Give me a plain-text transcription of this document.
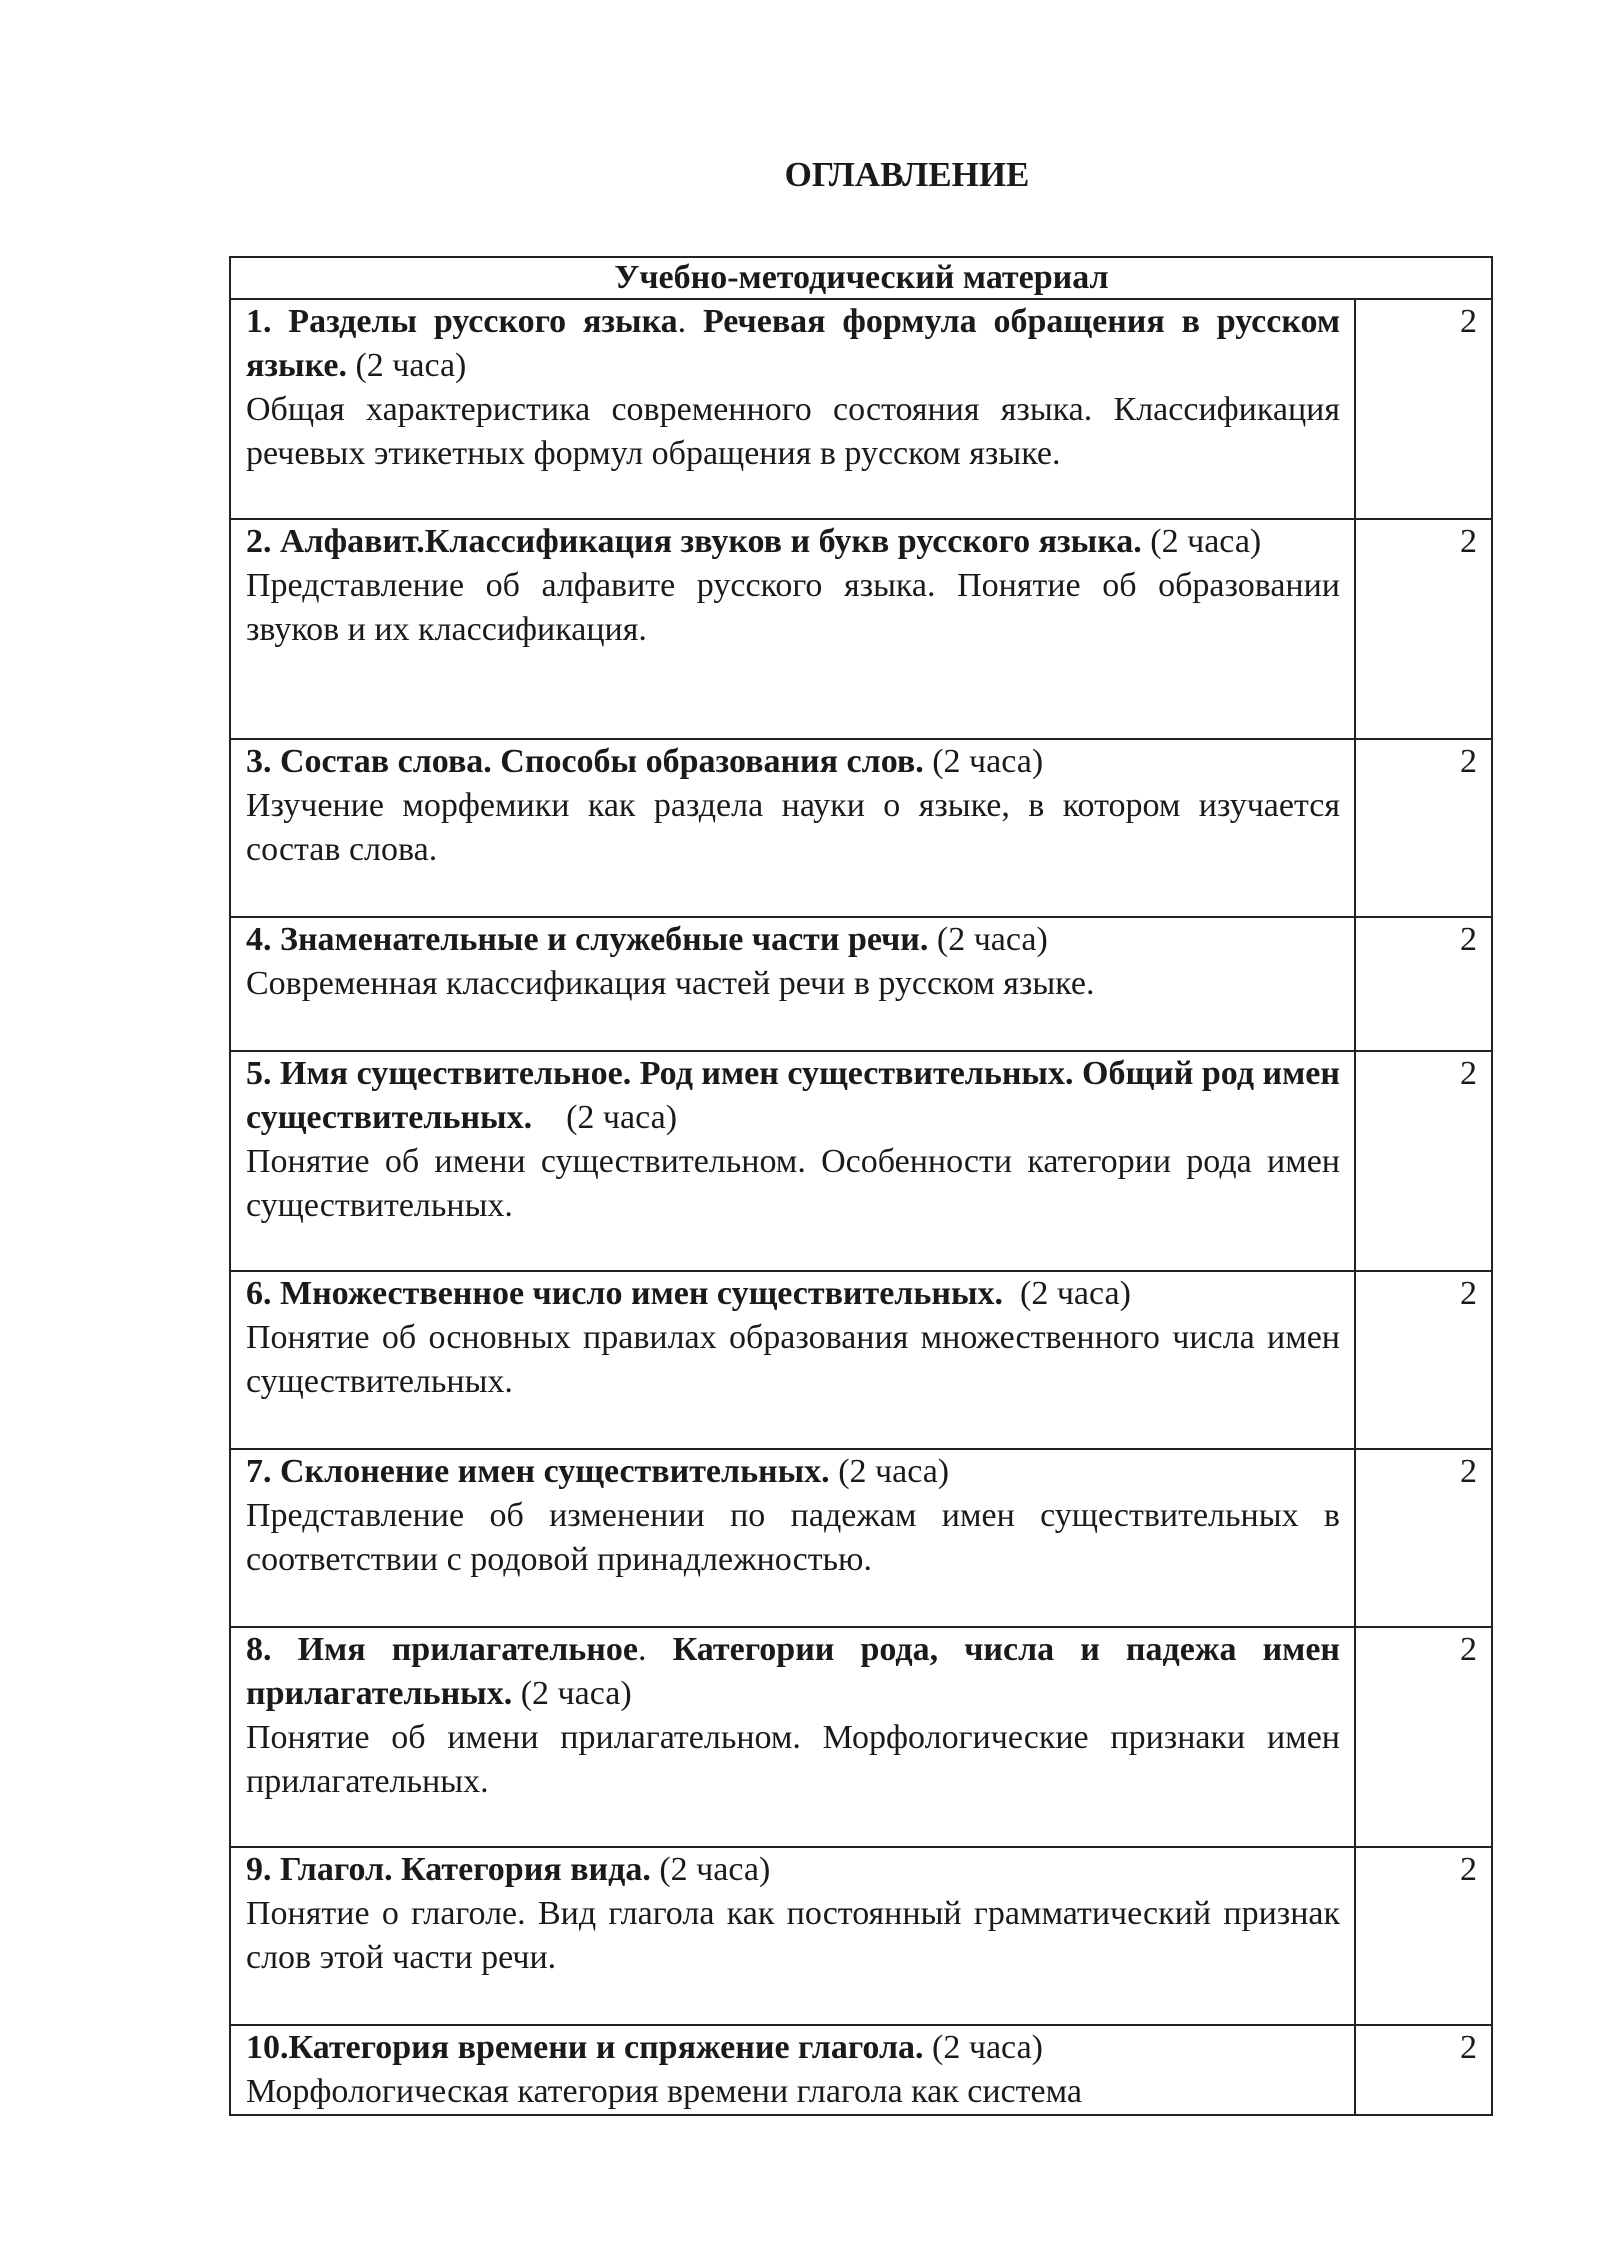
ОГЛАВЛЕНИЕ
Учебно-методический материал	

1. Разделы русского языка. Речевая формула обращения в русском языке. (2 часа)
Общая характеристика современного состояния языка. Классификация речевых этикетных формул обращения в русском языке.	2

2. Алфавит.Классификация звуков и букв русского языка. (2 часа)
Представление об алфавите русского языка. Понятие об образовании звуков и их классификация.	2

3. Состав слова. Способы образования слов. (2 часа)
Изучение морфемики как раздела науки о языке, в котором изучается состав слова.	2

4. Знаменательные и служебные части речи. (2 часа)
Современная классификация частей речи в русском языке.	2

5. Имя существительное. Род имен существительных. Общий род имен существительных.    (2 часа)
Понятие об имени существительном. Особенности категории рода имен существительных.	2

6. Множественное число имен существительных.  (2 часа)
Понятие об основных правилах образования множественного числа имен существительных.	2

7. Склонение имен существительных. (2 часа)
Представление об изменении по падежам имен существительных в соответствии с родовой принадлежностью.	2

8. Имя прилагательное. Категории рода, числа и падежа имен прилагательных. (2 часа)
Понятие об имени прилагательном. Морфологические признаки имен прилагательных.	2

9. Глагол. Категория вида. (2 часа)
Понятие о глаголе. Вид глагола как постоянный грамматический признак слов этой части речи.	2

10.Категория времени и спряжение глагола. (2 часа)
Морфологическая категория времени глагола как система	2
